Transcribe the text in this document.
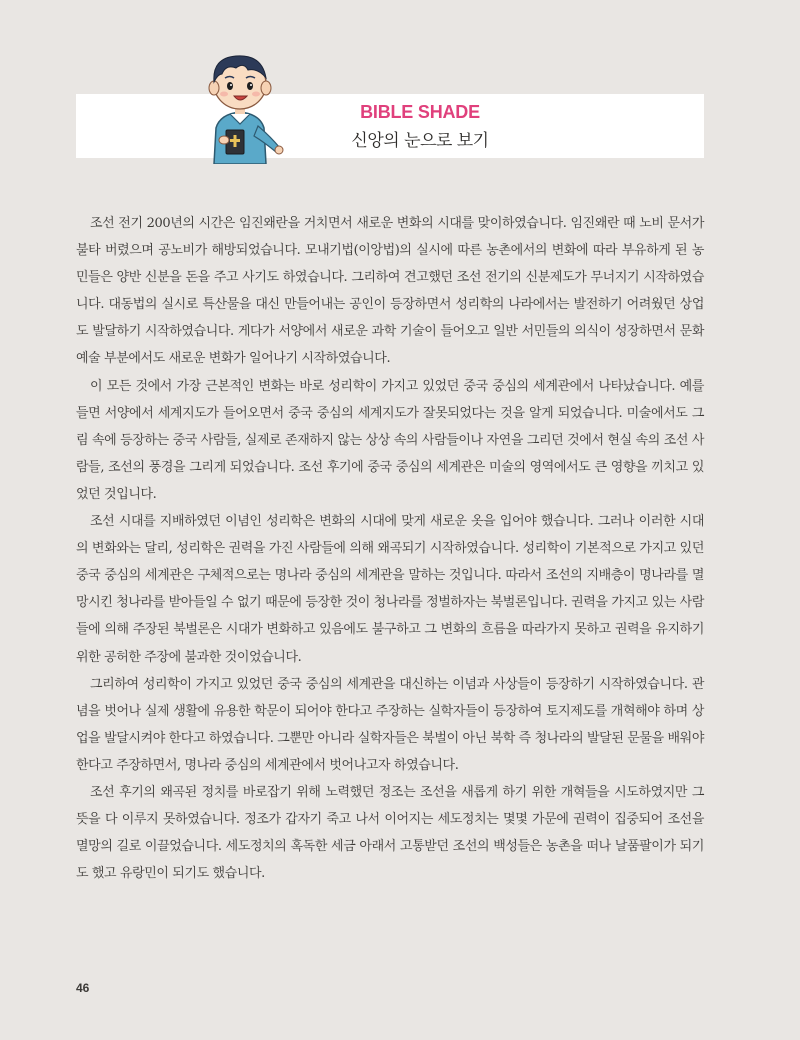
BIBLE SHADE
신앙의 눈으로 보기

조선 전기 200년의 시간은 임진왜란을 거치면서 새로운 변화의 시대를 맞이하였습니다. 임진왜란 때 노비 문서가 불타 버렸으며 공노비가 해방되었습니다. 모내기법(이앙법)의 실시에 따른 농촌에서의 변화에 따라 부유하게 된 농민들은 양반 신분을 돈을 주고 사기도 하였습니다. 그리하여 견고했던 조선 전기의 신분제도가 무너지기 시작하였습니다. 대동법의 실시로 특산물을 대신 만들어내는 공인이 등장하면서 성리학의 나라에서는 발전하기 어려웠던 상업도 발달하기 시작하였습니다. 게다가 서양에서 새로운 과학 기술이 들어오고 일반 서민들의 의식이 성장하면서 문화 예술 부분에서도 새로운 변화가 일어나기 시작하였습니다.

이 모든 것에서 가장 근본적인 변화는 바로 성리학이 가지고 있었던 중국 중심의 세계관에서 나타났습니다. 예를 들면 서양에서 세계지도가 들어오면서 중국 중심의 세계지도가 잘못되었다는 것을 알게 되었습니다. 미술에서도 그림 속에 등장하는 중국 사람들, 실제로 존재하지 않는 상상 속의 사람들이나 자연을 그리던 것에서 현실 속의 조선 사람들, 조선의 풍경을 그리게 되었습니다. 조선 후기에 중국 중심의 세계관은 미술의 영역에서도 큰 영향을 끼치고 있었던 것입니다.

조선 시대를 지배하였던 이념인 성리학은 변화의 시대에 맞게 새로운 옷을 입어야 했습니다. 그러나 이러한 시대의 변화와는 달리, 성리학은 권력을 가진 사람들에 의해 왜곡되기 시작하였습니다. 성리학이 기본적으로 가지고 있던 중국 중심의 세계관은 구체적으로는 명나라 중심의 세계관을 말하는 것입니다. 따라서 조선의 지배층이 명나라를 멸망시킨 청나라를 받아들일 수 없기 때문에 등장한 것이 청나라를 정벌하자는 북벌론입니다. 권력을 가지고 있는 사람들에 의해 주장된 북벌론은 시대가 변화하고 있음에도 불구하고 그 변화의 흐름을 따라가지 못하고 권력을 유지하기 위한 공허한 주장에 불과한 것이었습니다.

그리하여 성리학이 가지고 있었던 중국 중심의 세계관을 대신하는 이념과 사상들이 등장하기 시작하였습니다. 관념을 벗어나 실제 생활에 유용한 학문이 되어야 한다고 주장하는 실학자들이 등장하여 토지제도를 개혁해야 하며 상업을 발달시켜야 한다고 하였습니다. 그뿐만 아니라 실학자들은 북벌이 아닌 북학 즉 청나라의 발달된 문물을 배워야 한다고 주장하면서, 명나라 중심의 세계관에서 벗어나고자 하였습니다.

조선 후기의 왜곡된 정치를 바로잡기 위해 노력했던 정조는 조선을 새롭게 하기 위한 개혁들을 시도하였지만 그 뜻을 다 이루지 못하였습니다. 정조가 갑자기 죽고 나서 이어지는 세도정치는 몇몇 가문에 권력이 집중되어 조선을 멸망의 길로 이끌었습니다. 세도정치의 혹독한 세금 아래서 고통받던 조선의 백성들은 농촌을 떠나 날품팔이가 되기도 했고 유랑민이 되기도 했습니다.

46
